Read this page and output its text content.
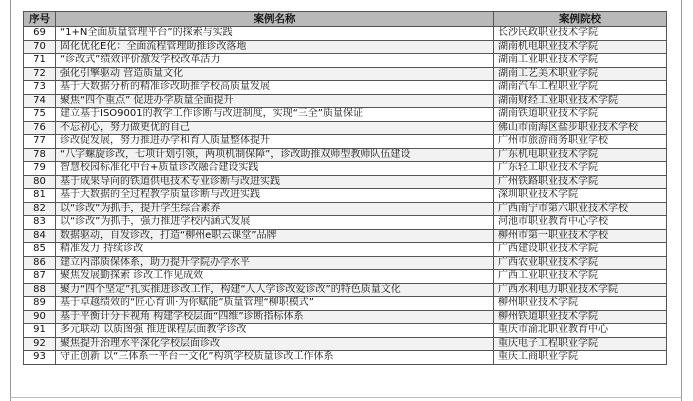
序号	案例名称	案例院校
69	“1+N全面质量管理平台”的探索与实践	长沙民政职业技术学院
70	固化优化E化：全面流程管理助推诊改落地	湖南机电职业技术学院
71	“诊改式”绩效评价激发学校改革活力	湖南工业职业技术学院
72	强化引擎驱动 营造质量文化	湖南工艺美术职业学院
73	基于大数据分析的精准诊改助推学校高质量发展	湖南汽车工程职业学院
74	聚焦“四个重点” 促进办学质量全面提升	湖南财经工业职业技术学院
75	建立基于ISO9001的教学工作诊断与改进制度，实现“三全”质量保证	湖南铁道职业技术学院
76	不忘初心，努力做更优的自己	佛山市南海区盐步职业技术学校
77	诊改促发展，努力推进办学和育人质量整体提升	广州市旅游商务职业学校
78	“八字螺旋诊改，七项计划引领，两项机制保障”，诊改助推双师型教师队伍建设	广东机电职业技术学院
79	智慧校园标准化中台+质量诊改融合建设实践	广东轻工职业技术学院
80	基于成果导向的铁道供电技术专业诊断与改进实践	广州铁路职业技术学院
81	基于大数据的全过程教学质量诊断与改进实践	深圳职业技术学院
82	以“诊改”为抓手，提升学生综合素养	广西南宁市第六职业技术学校
83	以“诊改”为抓手，强力推进学校内涵式发展	河池市职业教育中心学校
84	数据驱动，自发诊改，打造“柳州e职云课堂”品牌	柳州市第一职业技术学校
85	精准发力 持续诊改	广西建设职业技术学院
86	建立内部质保体系，助力提升学院办学水平	广西农业职业技术学院
87	聚焦发展勤探索 诊改工作见成效	广西工业职业技术学院
88	聚力“四个坚定”扎实推进诊改工作，构建“人人学诊改爱诊改”的特色质量文化	广西水利电力职业技术学院
89	基于卓越绩效的“匠心育训·为你赋能”质量管理“柳职模式”	柳州职业技术学院
90	基于平衡计分卡视角 构建学校层面“四维”诊断指标体系	柳州铁道职业技术学院
91	多元联动 以质图强 推进课程层面教学诊改	重庆市渝北职业教育中心
92	聚焦提升治理水平深化学校层面诊改	重庆电子工程职业学院
93	守正创新 以“三体系一平台一文化”构筑学校质量诊改工作体系	重庆工商职业学院
